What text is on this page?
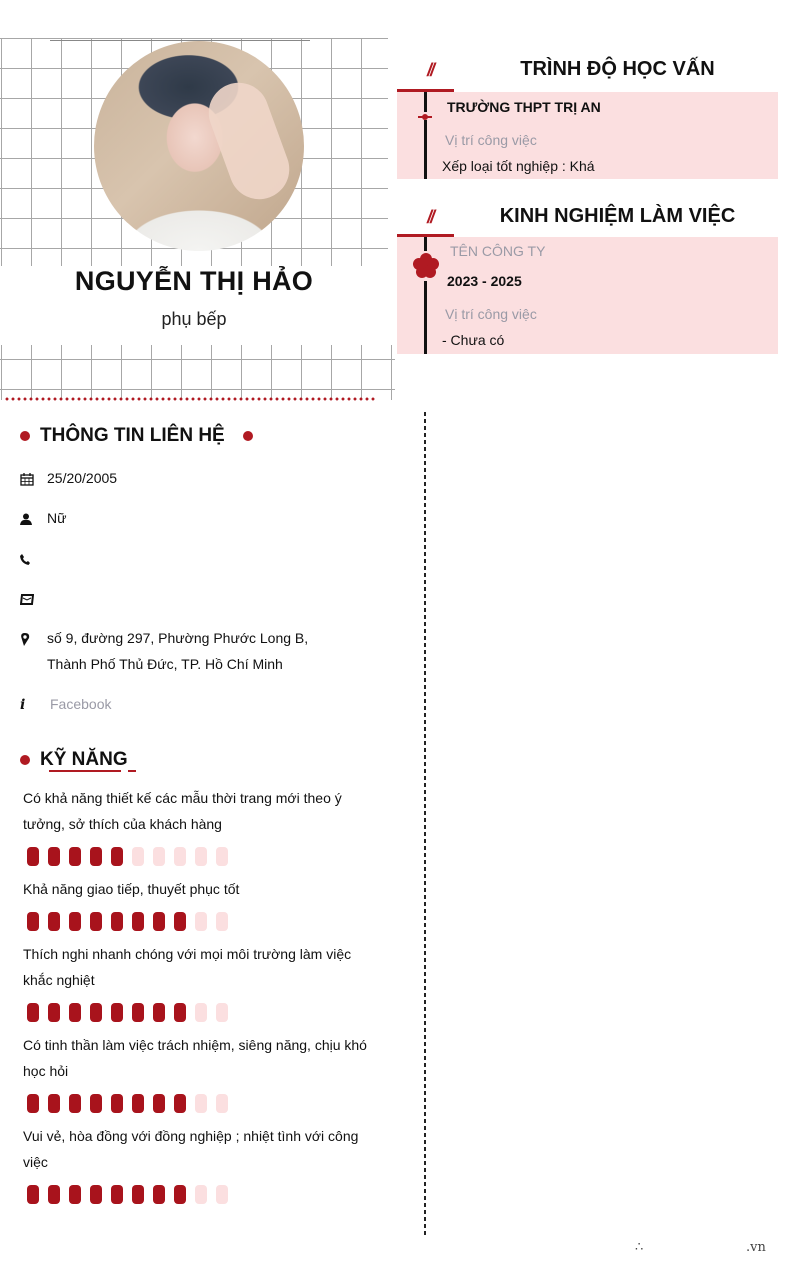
NGUYỄN THỊ HẢO
phụ bếp
//	TRÌNH ĐỘ HỌC VẤN
TRƯỜNG THPT TRỊ AN
Vị trí công việc
Xếp loại tốt nghiệp : Khá
//	KINH NGHIỆM LÀM VIỆC
TÊN CÔNG TY
2023 - 2025
Vị trí công việc
- Chưa có
THÔNG TIN LIÊN HỆ
25/20/2005
Nữ
số 9, đường 297, Phường Phước Long B, Thành Phố Thủ Đức, TP. Hồ Chí Minh
i	Facebook
KỸ NĂNG
Có khả năng thiết kế các mẫu thời trang mới theo ý tưởng, sở thích của khách hàng
Khả năng giao tiếp, thuyết phục tốt
Thích nghi nhanh chóng với mọi môi trường làm việc khắc nghiệt
Có tinh thần làm việc trách nhiệm, siêng năng, chịu khó học hỏi
Vui vẻ, hòa đồng với đồng nghiệp ; nhiệt tình với công việc
∴	.vn
